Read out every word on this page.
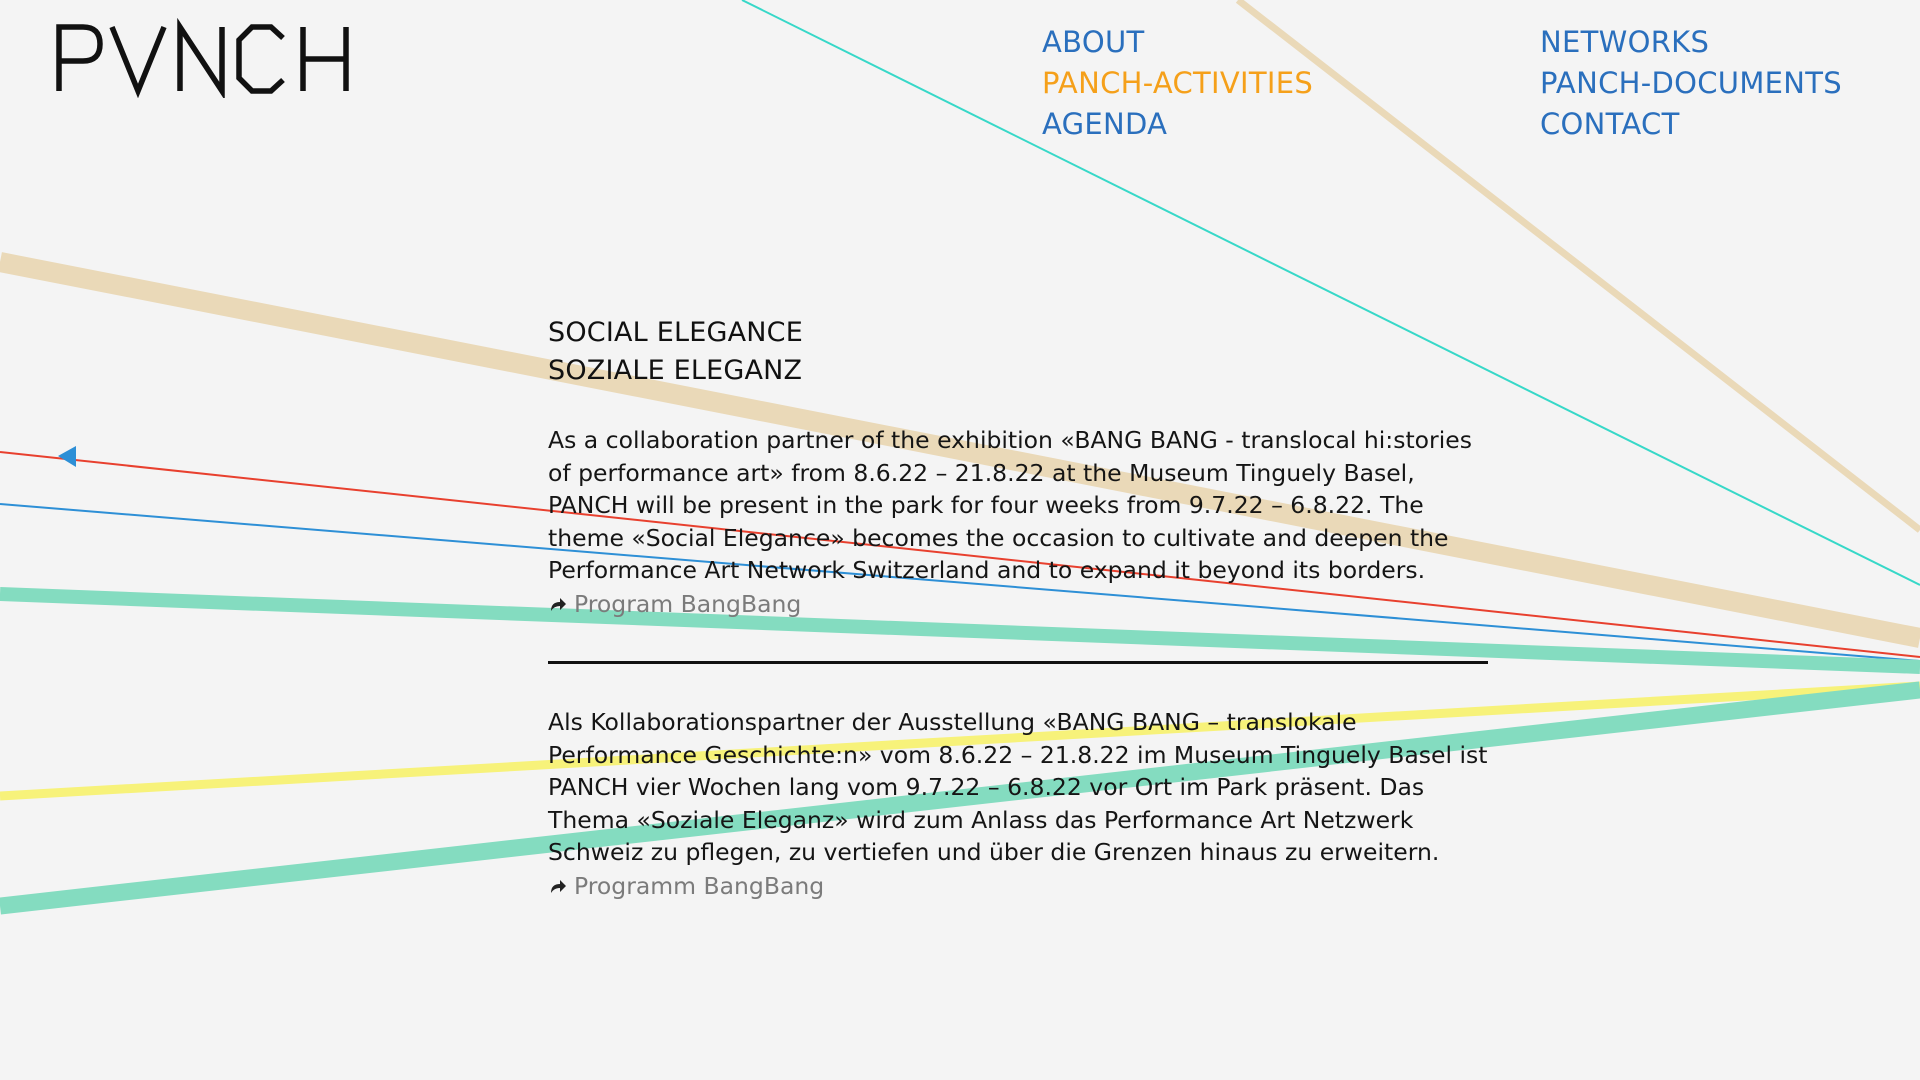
ABOUT
PANCH-ACTIVITIES
AGENDA
NETWORKS
PANCH-DOCUMENTS
CONTACT
SOCIAL ELEGANCE
SOZIALE ELEGANZ

As a collaboration partner of the exhibition «BANG BANG - translocal hi:stories of performance art» from 8.6.22 – 21.8.22 at the Museum Tinguely Basel, PANCH will be present in the park for four weeks from 9.7.22 – 6.8.22. The theme «Social Elegance» becomes the occasion to cultivate and deepen the Performance Art Network Switzerland and to expand it beyond its borders.

Program BangBang

Als Kollaborationspartner der Ausstellung «BANG BANG – translokale Performance Geschichte:n» vom 8.6.22 – 21.8.22 im Museum Tinguely Basel ist PANCH vier Wochen lang vom 9.7.22 – 6.8.22 vor Ort im Park präsent. Das Thema «Soziale Eleganz» wird zum Anlass das Performance Art Netzwerk Schweiz zu pflegen, zu vertiefen und über die Grenzen hinaus zu erweitern.

Programm BangBang
